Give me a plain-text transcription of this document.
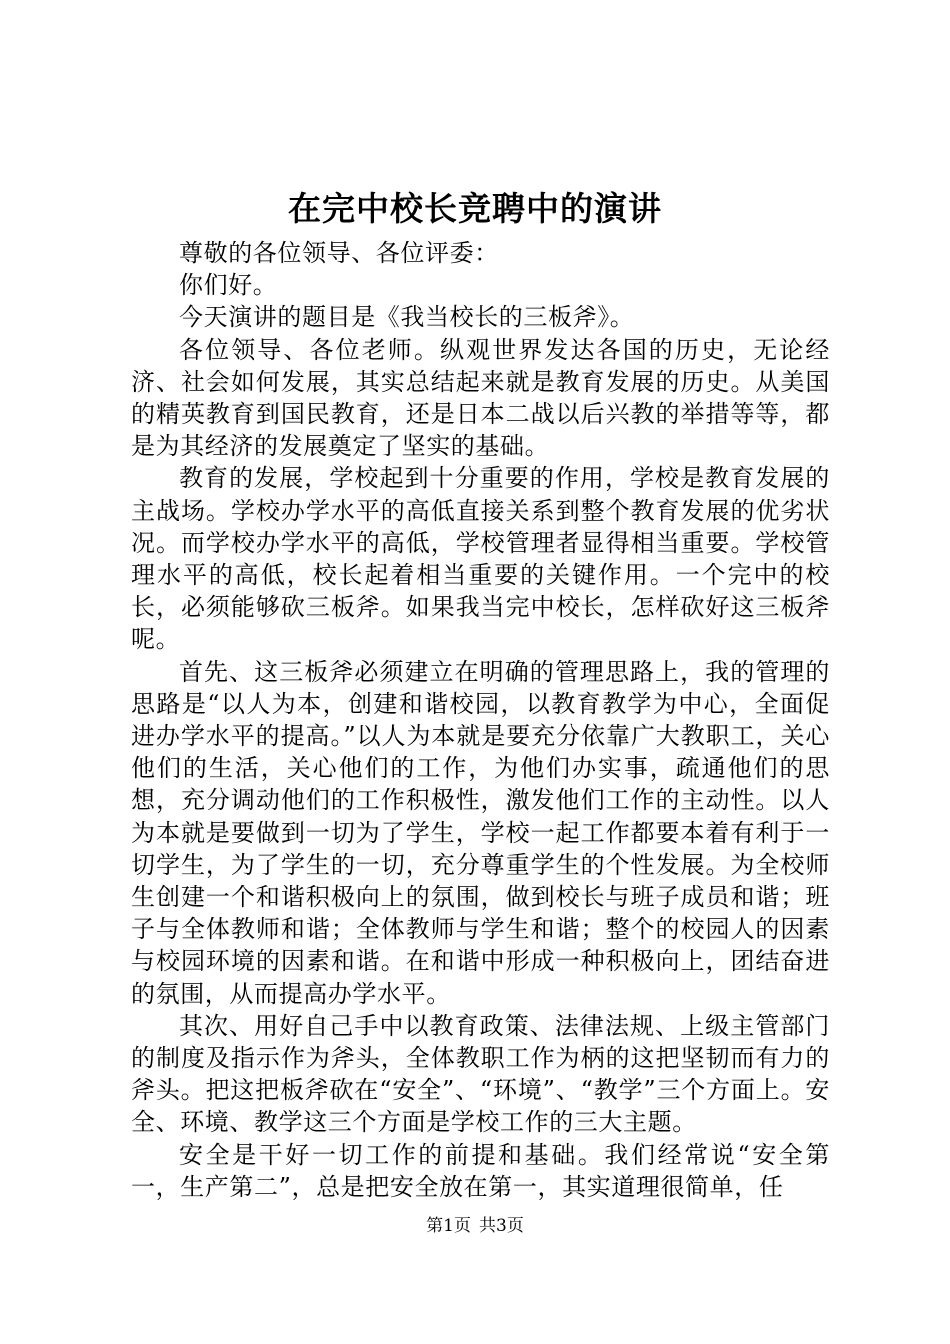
在完中校长竞聘中的演讲

尊敬的各位领导、各位评委：

你们好。

今天演讲的题目是《我当校长的三板斧》。

各位领导、各位老师。纵观世界发达各国的历史，无论经济、社会如何发展，其实总结起来就是教育发展的历史。从美国的精英教育到国民教育，还是日本二战以后兴教的举措等等，都是为其经济的发展奠定了坚实的基础。

教育的发展，学校起到十分重要的作用，学校是教育发展的主战场。学校办学水平的高低直接关系到整个教育发展的优劣状况。而学校办学水平的高低，学校管理者显得相当重要。学校管理水平的高低，校长起着相当重要的关键作用。一个完中的校长，必须能够砍三板斧。如果我当完中校长，怎样砍好这三板斧呢。

首先、这三板斧必须建立在明确的管理思路上，我的管理的思路是“以人为本，创建和谐校园，以教育教学为中心，全面促进办学水平的提高。”以人为本就是要充分依靠广大教职工，关心他们的生活，关心他们的工作，为他们办实事，疏通他们的思想，充分调动他们的工作积极性，激发他们工作的主动性。以人为本就是要做到一切为了学生，学校一起工作都要本着有利于一切学生，为了学生的一切，充分尊重学生的个性发展。为全校师生创建一个和谐积极向上的氛围，做到校长与班子成员和谐；班子与全体教师和谐；全体教师与学生和谐；整个的校园人的因素与校园环境的因素和谐。在和谐中形成一种积极向上，团结奋进的氛围，从而提高办学水平。

其次、用好自己手中以教育政策、法律法规、上级主管部门的制度及指示作为斧头，全体教职工作为柄的这把坚韧而有力的斧头。把这把板斧砍在“安全”、“环境”、“教学”三个方面上。安全、环境、教学这三个方面是学校工作的三大主题。

安全是干好一切工作的前提和基础。我们经常说“安全第一，生产第二”，总是把安全放在第一，其实道理很简单，任

第1页 共3页
